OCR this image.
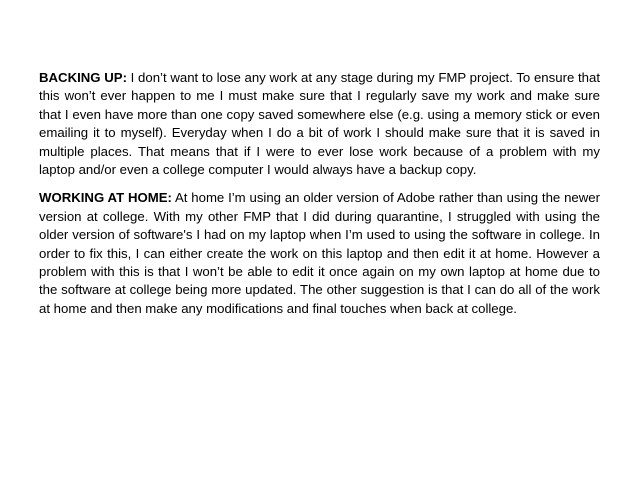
BACKING UP: I don’t want to lose any work at any stage during my FMP project. To ensure that this won’t ever happen to me I must make sure that I regularly save my work and make sure that I even have more than one copy saved somewhere else (e.g. using a memory stick or even emailing it to myself). Everyday when I do a bit of work I should make sure that it is saved in multiple places. That means that if I were to ever lose work because of a problem with my laptop and/or even a college computer I would always have a backup copy.

WORKING AT HOME: At home I’m using an older version of Adobe rather than using the newer version at college. With my other FMP that I did during quarantine, I struggled with using the older version of software's I had on my laptop when I’m used to using the software in college. In order to fix this, I can either create the work on this laptop and then edit it at home. However a problem with this is that I won’t be able to edit it once again on my own laptop at home due to the software at college being more updated. The other suggestion is that I can do all of the work at home and then make any modifications and final touches when back at college.
